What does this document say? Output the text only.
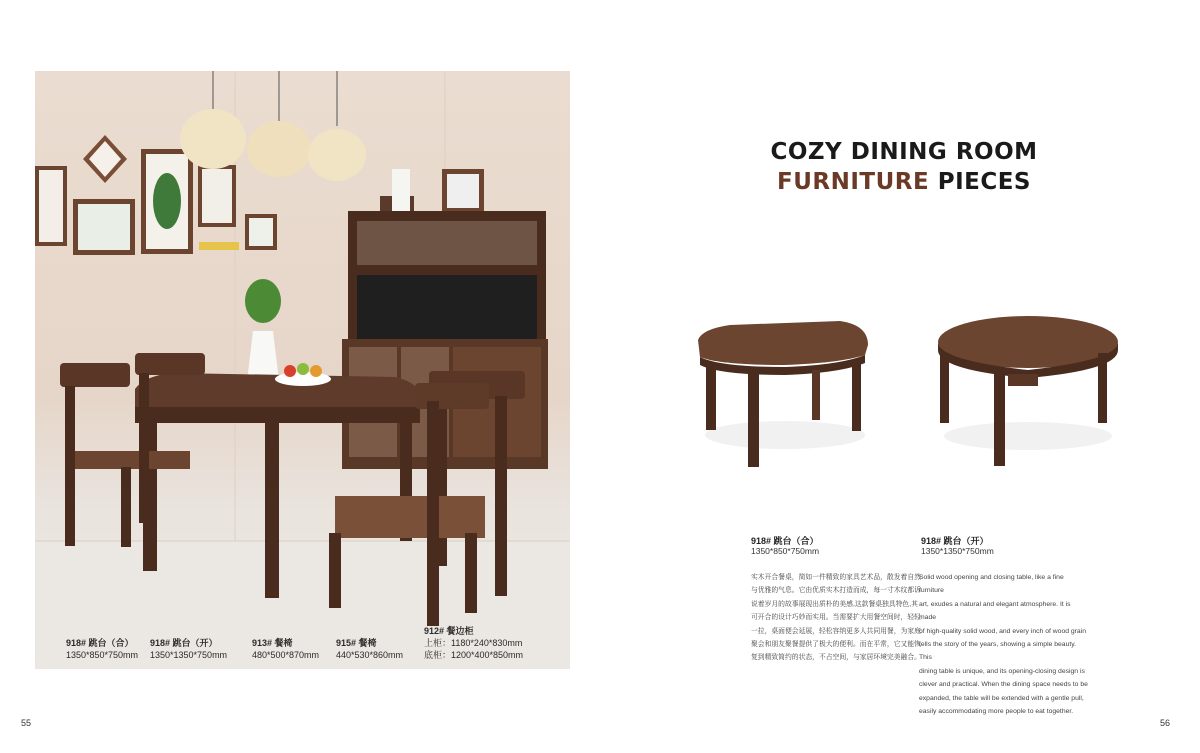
918# 跳台（合）
1350*850*750mm
918# 跳台（开）
1350*1350*750mm
913# 餐椅
480*500*870mm
915# 餐椅
440*530*860mm
912# 餐边柜
上柜：1180*240*830mm
底柜：1200*400*850mm
55
COZY DINING ROOM
FURNITURE PIECES
918# 跳台（合）
1350*850*750mm
918# 跳台（开）
1350*1350*750mm
实木开合餐桌，简如一件精致的家具艺术品，散发着自然
与优雅的气息。它由优质实木打造而成，每一寸木纹都诉
说着岁月的故事展现出质朴的美感,这款餐桌独具特色,其
可开合的设计巧妙而实用。当需要扩大用餐空间时，轻轻
一拉，桌面便会延展，轻松容纳更多人共同用餐，为家庭
聚会和朋友聚餐提供了极大的便利。而在平常，它又能恢
复到精致简约的状态，不占空间，与家居环境完美融合。
Solid wood opening and closing table, like a fine furniture
art, exudes a natural and elegant atmosphere. It is made
of high-quality solid wood, and every inch of wood grain
tells the story of the years, showing a simple beauty. This
dining table is unique, and its opening-closing design is
clever and practical. When the dining space needs to be
expanded, the table will be extended with a gentle pull,
easily accommodating more people to eat together.
56
